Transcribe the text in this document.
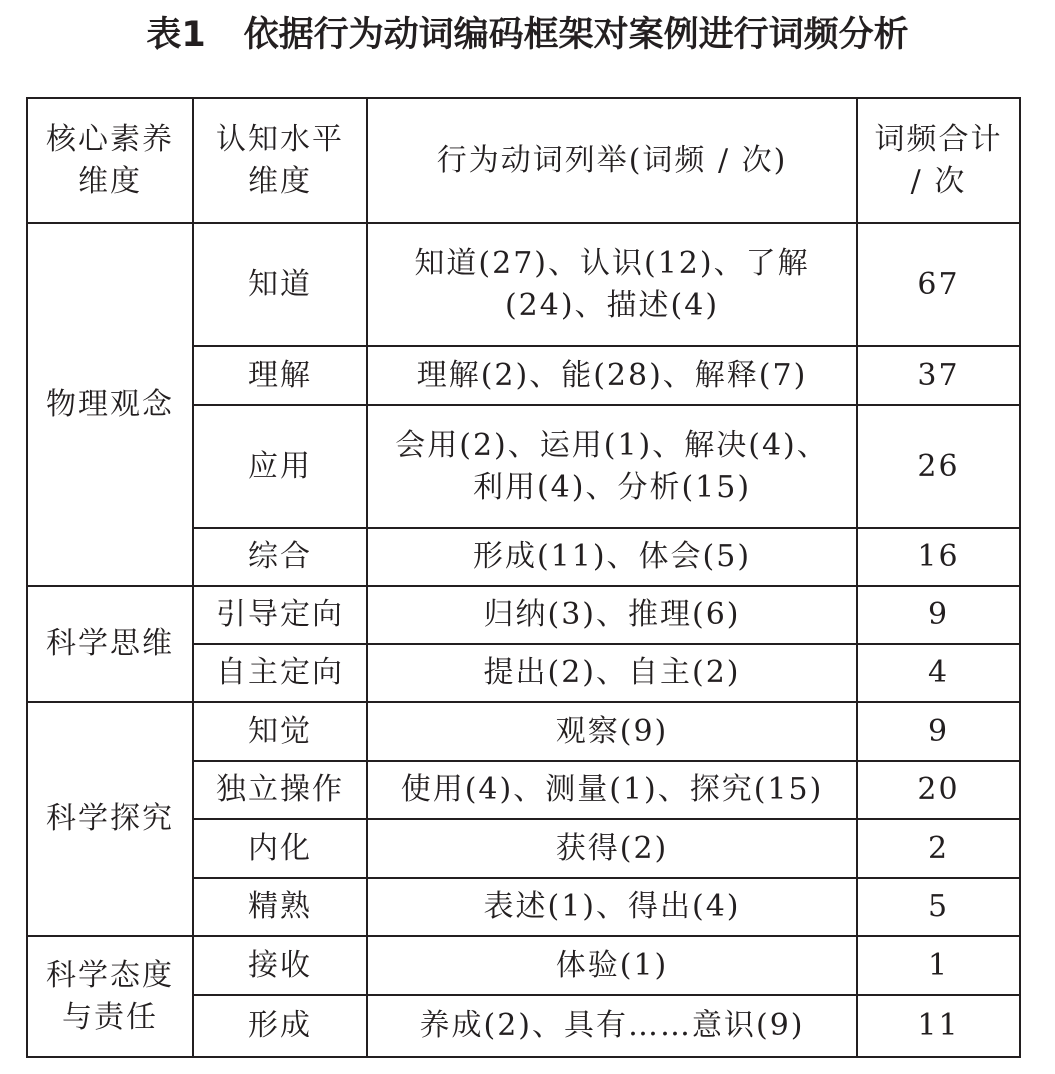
表1 依据行为动词编码框架对案例进行词频分析
核心素养维度	认知水平维度	行为动词列举(词频 / 次)	词频合计 / 次

物理观念	知道	知道(27)、认识(12)、了解(24)、描述(4)	67
	理解	理解(2)、能(28)、解释(7)	37
	应用	会用(2)、运用(1)、解决(4)、利用(4)、分析(15)	26
	综合	形成(11)、体会(5)	16
科学思维	引导定向	归纳(3)、推理(6)	9
	自主定向	提出(2)、自主(2)	4
科学探究	知觉	观察(9)	9
	独立操作	使用(4)、测量(1)、探究(15)	20
	内化	获得(2)	2
	精熟	表述(1)、得出(4)	5

科学态度与责任	接收	体验(1)	1
	形成	养成(2)、具有……意识(9)	11
